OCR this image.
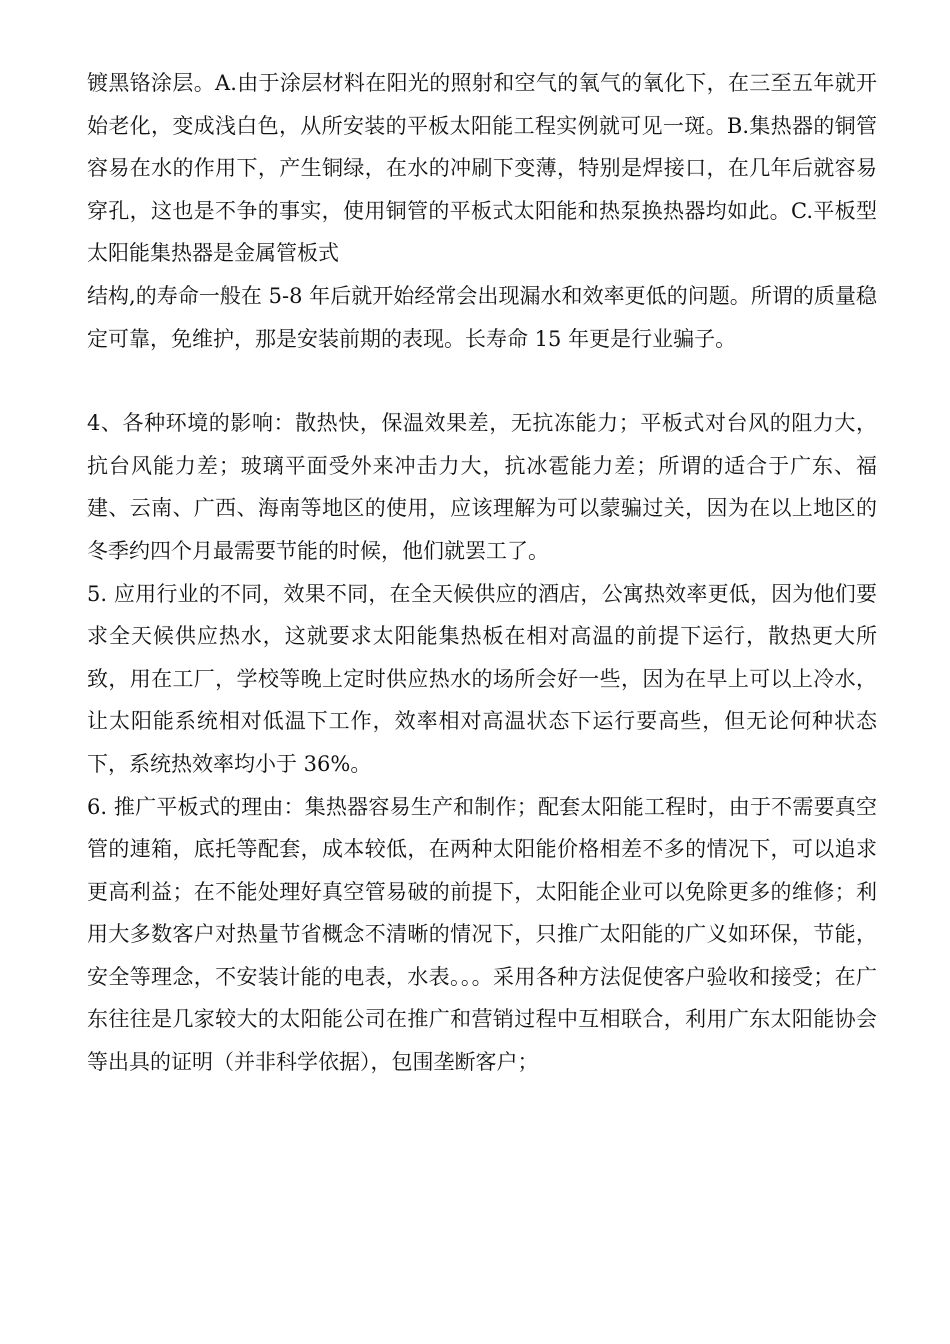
镀黑铬涂层。A.由于涂层材料在阳光的照射和空气的氧气的氧化下，在三至五年就开始老化，变成浅白色，从所安装的平板太阳能工程实例就可见一斑。B.集热器的铜管容易在水的作用下，产生铜绿，在水的冲刷下变薄，特别是焊接口，在几年后就容易穿孔，这也是不争的事实，使用铜管的平板式太阳能和热泵换热器均如此。C.平板型太阳能集热器是金属管板式

结构,的寿命一般在 5-8 年后就开始经常会出现漏水和效率更低的问题。所谓的质量稳定可靠，免维护，那是安装前期的表现。长寿命 15 年更是行业骗子。

4、各种环境的影响：散热快，保温效果差，无抗冻能力；平板式对台风的阻力大，抗台风能力差；玻璃平面受外来冲击力大，抗冰雹能力差；所谓的适合于广东、福建、云南、广西、海南等地区的使用，应该理解为可以蒙骗过关，因为在以上地区的冬季约四个月最需要节能的时候，他们就罢工了。

5. 应用行业的不同，效果不同，在全天候供应的酒店，公寓热效率更低，因为他们要求全天候供应热水，这就要求太阳能集热板在相对高温的前提下运行，散热更大所致，用在工厂，学校等晚上定时供应热水的场所会好一些，因为在早上可以上冷水，让太阳能系统相对低温下工作，效率相对高温状态下运行要高些，但无论何种状态下，系统热效率均小于 36%。

6. 推广平板式的理由：集热器容易生产和制作；配套太阳能工程时，由于不需要真空管的連箱，底托等配套，成本较低，在两种太阳能价格相差不多的情况下，可以追求更高利益；在不能处理好真空管易破的前提下，太阳能企业可以免除更多的维修；利用大多数客户对热量节省概念不清晰的情况下，只推广太阳能的广义如环保，节能，安全等理念，不安装计能的电表，水表。。。采用各种方法促使客户验收和接受；在广东往往是几家较大的太阳能公司在推广和营销过程中互相联合，利用广东太阳能协会等出具的证明（并非科学依据），包围垄断客户；
